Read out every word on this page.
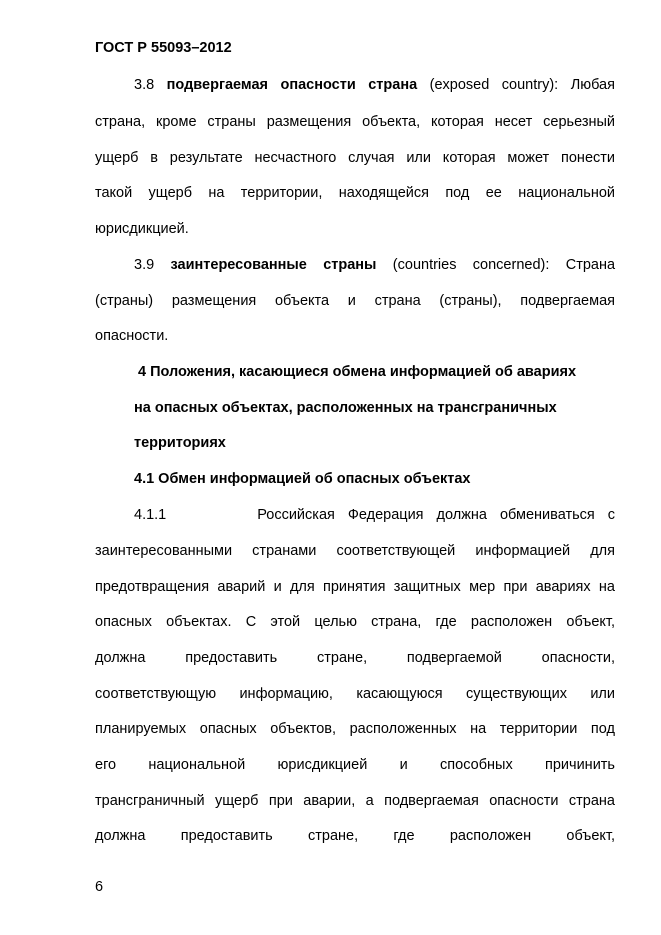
ГОСТ Р 55093–2012
3.8 подвергаемая опасности страна (exposed country): Любая
страна, кроме страны размещения объекта, которая несет серьезный
ущерб в результате несчастного случая или которая может понести
такой ущерб на территории, находящейся под ее национальной
юрисдикцией.
3.9 заинтересованные страны (countries concerned): Страна
(страны) размещения объекта и страна (страны), подвергаемая
опасности.
4 Положения, касающиеся обмена информацией об авариях
на опасных объектах, расположенных на трансграничных
территориях
4.1 Обмен информацией об опасных объектах
4.1.1	Российская Федерация должна обмениваться с
заинтересованными странами соответствующей информацией для
предотвращения аварий и для принятия защитных мер при авариях на
опасных объектах. С этой целью страна, где расположен объект,
должна предоставить стране, подвергаемой опасности,
соответствующую информацию, касающуюся существующих или
планируемых опасных объектов, расположенных на территории под
его национальной юрисдикцией и способных причинить
трансграничный ущерб при аварии, а подвергаемая опасности страна
должна предоставить стране, где расположен объект,
6
